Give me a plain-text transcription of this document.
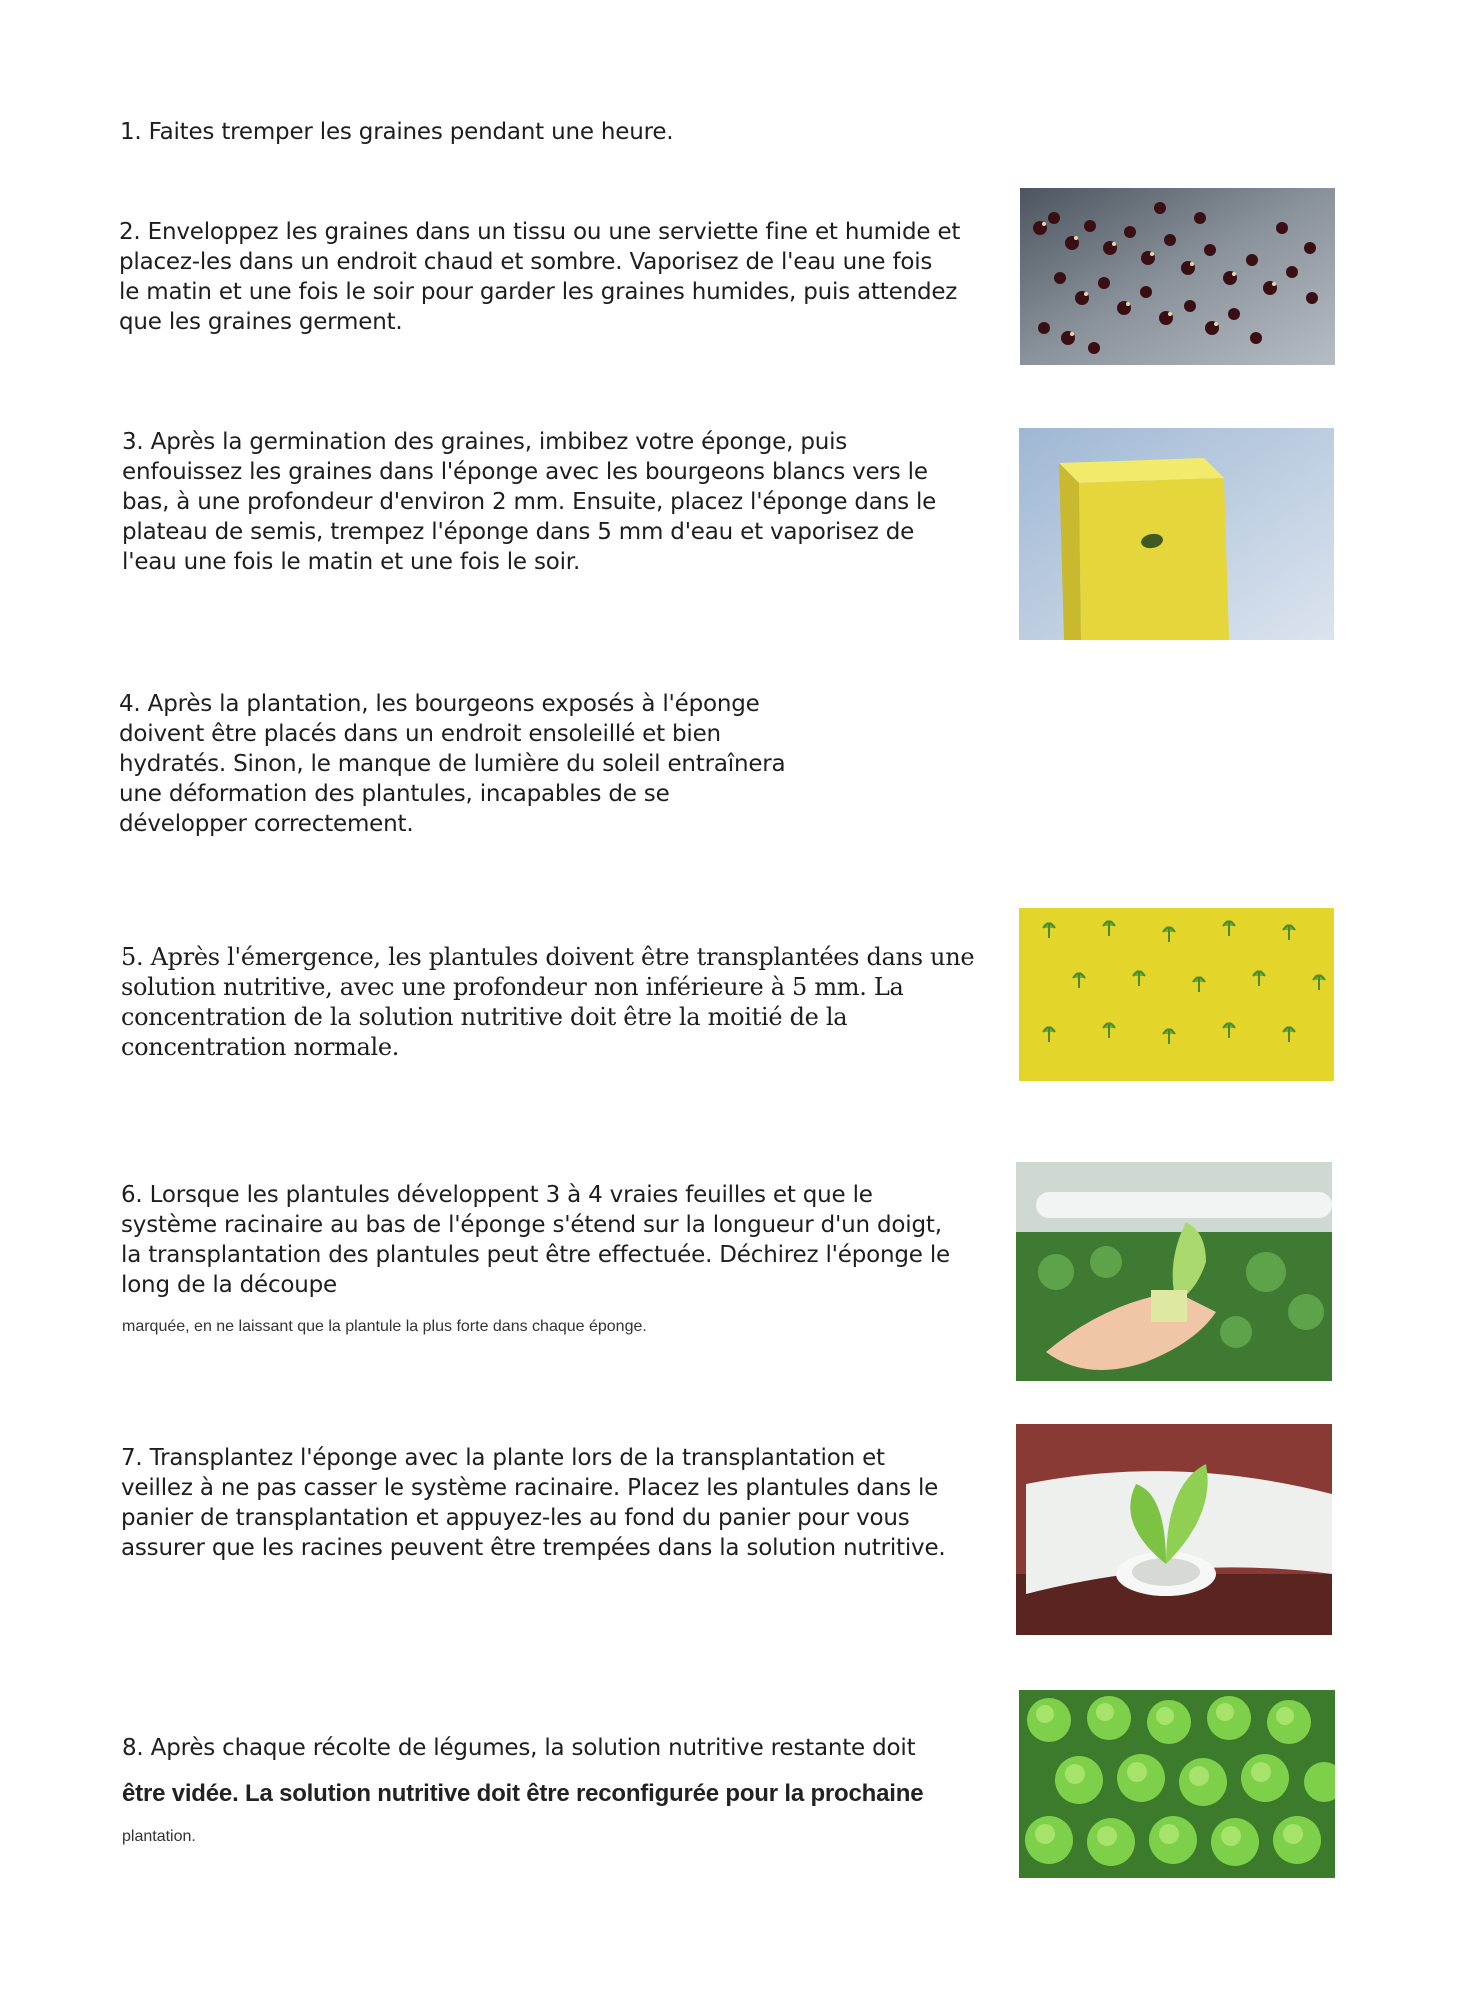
1. Faites tremper les graines pendant une heure.

2. Enveloppez les graines dans un tissu ou une serviette fine et humide et
placez-les dans un endroit chaud et sombre. Vaporisez de l'eau une fois
le matin et une fois le soir pour garder les graines humides, puis attendez
que les graines germent.

3. Après la germination des graines, imbibez votre éponge, puis
enfouissez les graines dans l'éponge avec les bourgeons blancs vers le
bas, à une profondeur d'environ 2 mm. Ensuite, placez l'éponge dans le
plateau de semis, trempez l'éponge dans 5 mm d'eau et vaporisez de
l'eau une fois le matin et une fois le soir.

4. Après la plantation, les bourgeons exposés à l'éponge
doivent être placés dans un endroit ensoleillé et bien
hydratés. Sinon, le manque de lumière du soleil entraînera
une déformation des plantules, incapables de se
développer correctement.

5. Après l'émergence, les plantules doivent être transplantées dans une
solution nutritive, avec une profondeur non inférieure à 5 mm. La
concentration de la solution nutritive doit être la moitié de la
concentration normale.

6. Lorsque les plantules développent 3 à 4 vraies feuilles et que le
système racinaire au bas de l'éponge s'étend sur la longueur d'un doigt,
la transplantation des plantules peut être effectuée. Déchirez l'éponge le
long de la découpe

marquée, en ne laissant que la plantule la plus forte dans chaque éponge.

7. Transplantez l'éponge avec la plante lors de la transplantation et
veillez à ne pas casser le système racinaire. Placez les plantules dans le
panier de transplantation et appuyez-les au fond du panier pour vous
assurer que les racines peuvent être trempées dans la solution nutritive.

8. Après chaque récolte de légumes, la solution nutritive restante doit

être vidée. La solution nutritive doit être reconfigurée pour la prochaine

plantation.
